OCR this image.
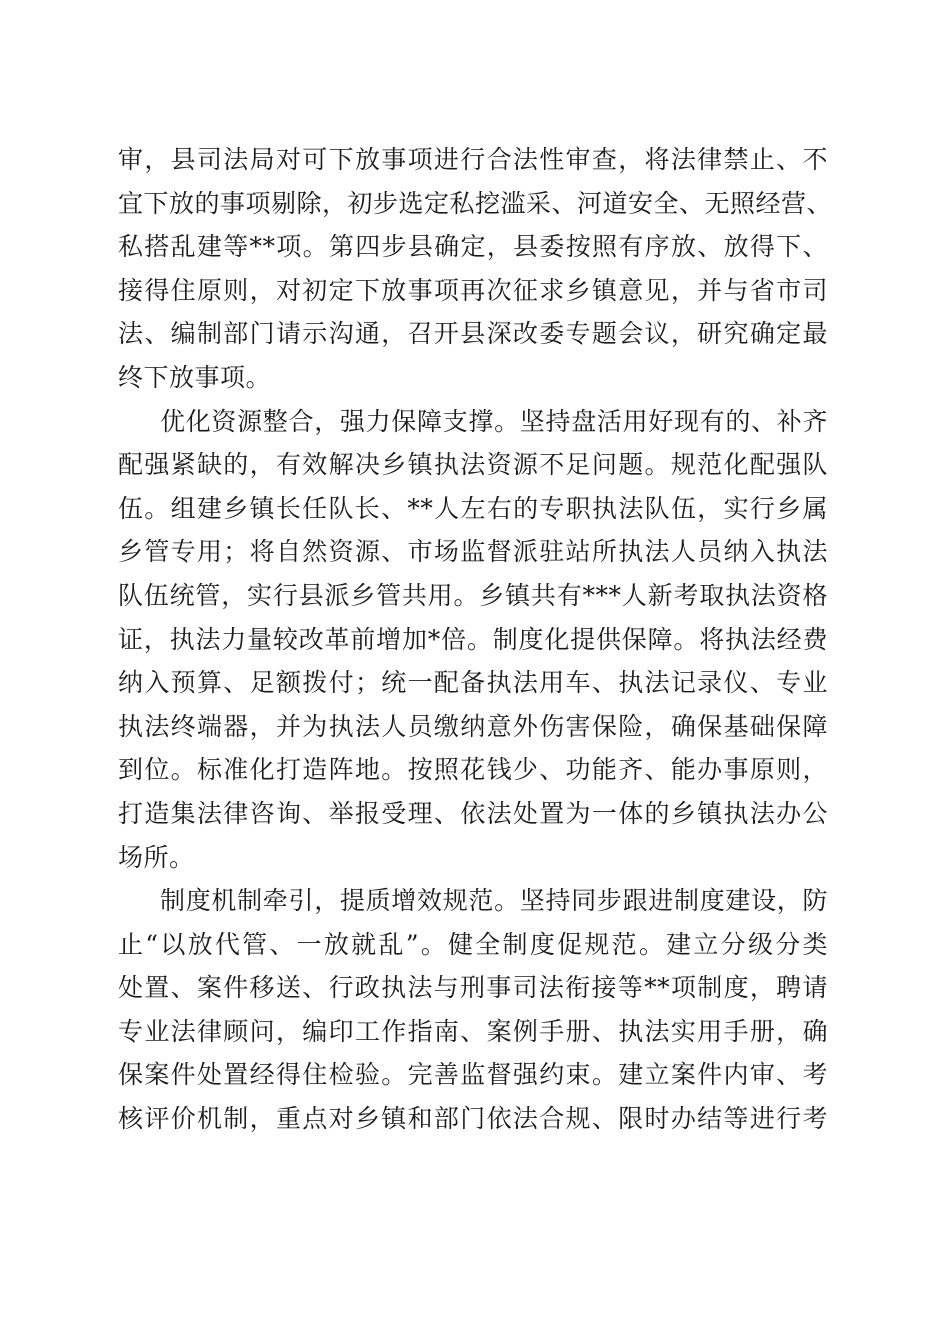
审，县司法局对可下放事项进行合法性审查，将法律禁止、不
宜下放的事项剔除，初步选定私挖滥采、河道安全、无照经营、
私搭乱建等**项。第四步县确定，县委按照有序放、放得下、
接得住原则，对初定下放事项再次征求乡镇意见，并与省市司
法、编制部门请示沟通，召开县深改委专题会议，研究确定最
终下放事项。
优化资源整合，强力保障支撑。坚持盘活用好现有的、补齐
配强紧缺的，有效解决乡镇执法资源不足问题。规范化配强队
伍。组建乡镇长任队长、**人左右的专职执法队伍，实行乡属
乡管专用；将自然资源、市场监督派驻站所执法人员纳入执法
队伍统管，实行县派乡管共用。乡镇共有***人新考取执法资格
证，执法力量较改革前增加*倍。制度化提供保障。将执法经费
纳入预算、足额拨付；统一配备执法用车、执法记录仪、专业
执法终端器，并为执法人员缴纳意外伤害保险，确保基础保障
到位。标准化打造阵地。按照花钱少、功能齐、能办事原则，
打造集法律咨询、举报受理、依法处置为一体的乡镇执法办公
场所。
制度机制牵引，提质增效规范。坚持同步跟进制度建设，防
止“以放代管、一放就乱”。健全制度促规范。建立分级分类
处置、案件移送、行政执法与刑事司法衔接等**项制度，聘请
专业法律顾问，编印工作指南、案例手册、执法实用手册，确
保案件处置经得住检验。完善监督强约束。建立案件内审、考
核评价机制，重点对乡镇和部门依法合规、限时办结等进行考
